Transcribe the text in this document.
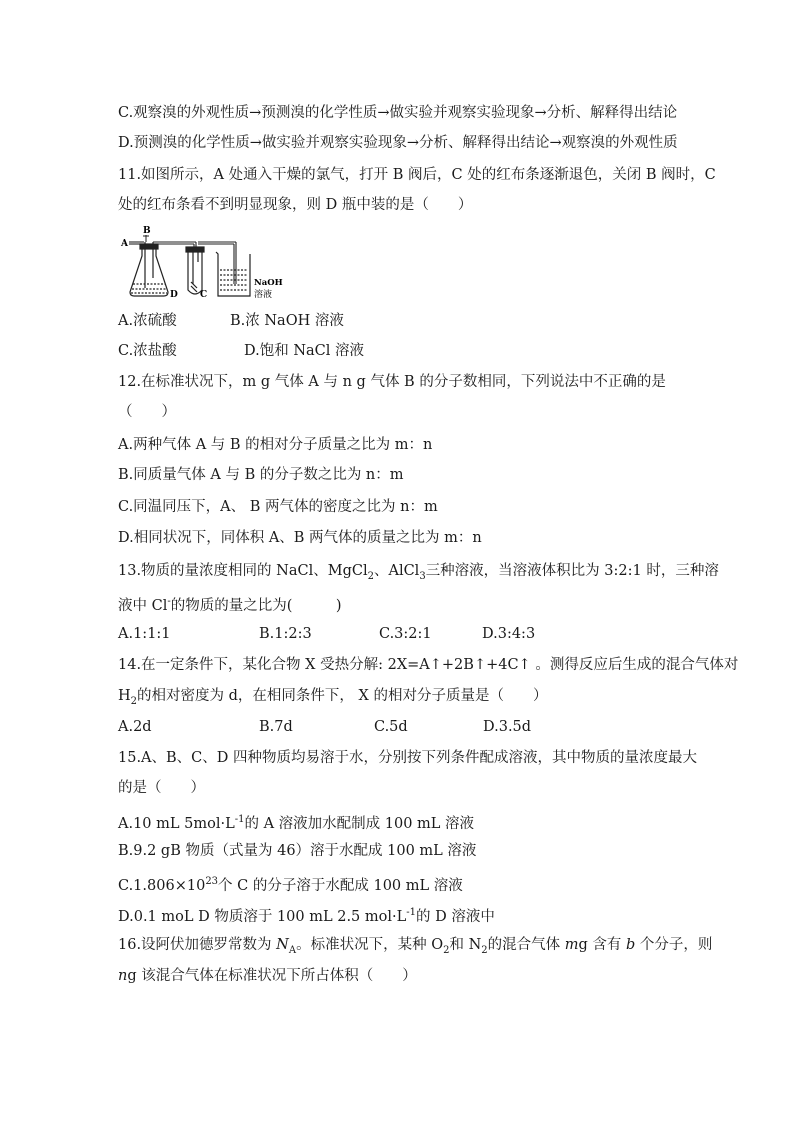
C.观察溴的外观性质→预测溴的化学性质→做实验并观察实验现象→分析、解释得出结论
D.预测溴的化学性质→做实验并观察实验现象→分析、解释得出结论→观察溴的外观性质
11.如图所示，A 处通入干燥的氯气，打开 B 阀后，C 处的红布条逐渐退色，关闭 B 阀时，C
处的红布条看不到明显现象，则 D 瓶中装的是（　　）
A
B
D C
NaOH
溶液
A.浓硫酸	B.浓 NaOH 溶液
C.浓盐酸	D.饱和 NaCl 溶液
12.在标准状况下，m g 气体 A 与 n g 气体 B 的分子数相同，下列说法中不正确的是
（　　）
A.两种气体 A 与 B 的相对分子质量之比为 m：n
B.同质量气体 A 与 B 的分子数之比为 n：m
C.同温同压下，A、 B 两气体的密度之比为 n：m
D.相同状况下，同体积 A、B 两气体的质量之比为 m：n
13.物质的量浓度相同的 NaCl、MgCl$_2$、AlCl$_3$三种溶液，当溶液体积比为 3:2:1 时，三种溶
液中 Cl-的物质的量之比为(　　　)
A.1:1:1	B.1:2:3	C.3:2:1	D.3:4:3
14.在一定条件下，某化合物 X 受热分解: 2X=A↑+2B↑+4C↑ 。测得反应后生成的混合气体对
$H_2$的相对密度为 d，在相同条件下， X 的相对分子质量是（　　）
A.2d	B.7d	C.5d	D.3.5d
15.A、B、C、D 四种物质均易溶于水，分别按下列条件配成溶液，其中物质的量浓度最大
的是（　　）
A.10 mL $5mol\cdot L^{-1}$的 A 溶液加水配制成 100 mL 溶液
B.9.2 gB 物质（式量为 46）溶于水配成 100 mL 溶液
$C.1.806\times 10^{23}$个 C 的分子溶于水配成 100 mL 溶液
D.0.1 moL D 物质溶于 100 mL 2.5 $mol\cdot L^{-1}$的 D 溶液中
16.设阿伏加德罗常数为 $N_A$。标准状况下，某种 $O_2$和 $N_2$的混合气体 mg 含有 b 个分子，则
ng 该混合气体在标准状况下所占体积（　　）
